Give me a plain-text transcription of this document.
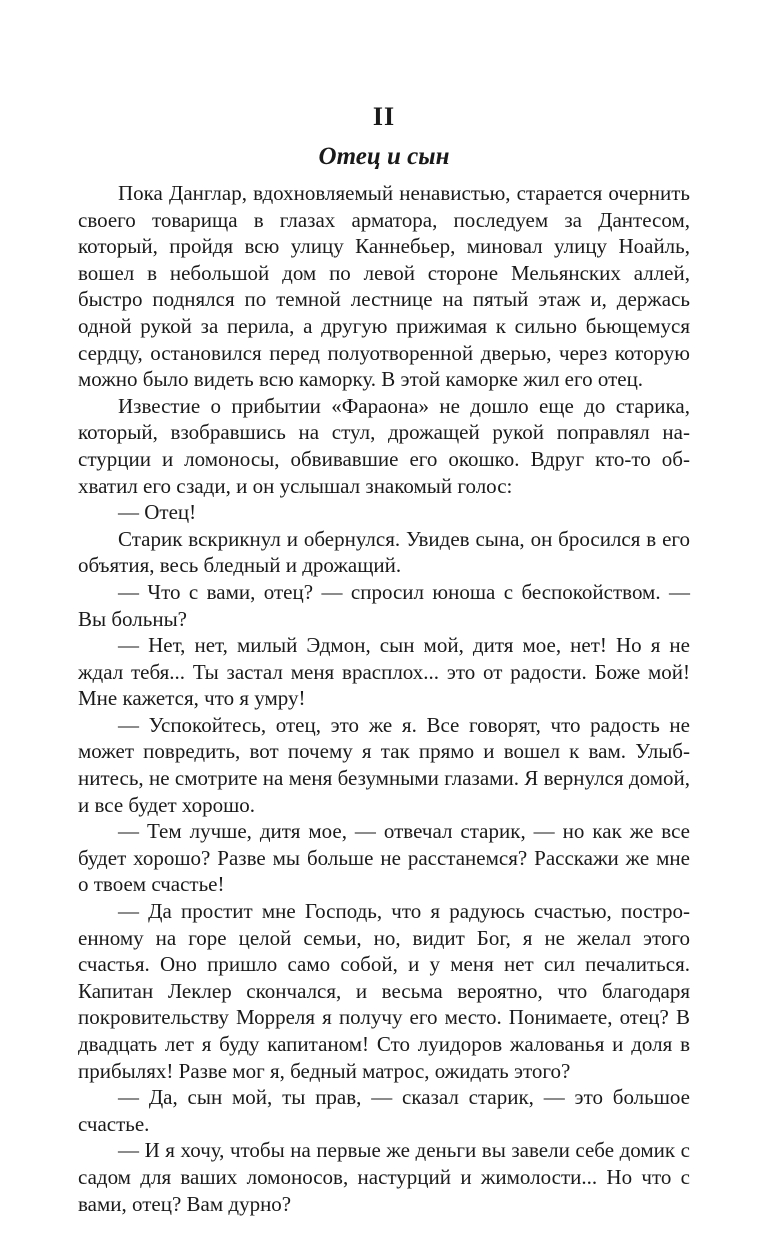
II
Отец и сын

Пока Данглар, вдохновляемый ненавистью, старается очернить своего товарища в глазах арматора, последуем за Дантесом, который, пройдя всю улицу Каннебьер, миновал улицу Ноайль, вошел в небольшой дом по левой стороне Мельянских аллей, быстро поднялся по темной лестнице на пятый этаж и, держась одной рукой за перила, а другую прижимая к сильно бьющемуся сердцу, остановился перед полуотворенной дверью, через которую можно было видеть всю каморку. В этой каморке жил его отец.

Известие о прибытии «Фараона» не дошло еще до старика, который, взобравшись на стул, дрожащей рукой поправлял настурции и ломоносы, обвивавшие его окошко. Вдруг кто-то обхватил его сзади, и он услышал знакомый голос:

— Отец!

Старик вскрикнул и обернулся. Увидев сына, он бросился в его объятия, весь бледный и дрожащий.

— Что с вами, отец? — спросил юноша с беспокойством. — Вы больны?

— Нет, нет, милый Эдмон, сын мой, дитя мое, нет! Но я не ждал тебя... Ты застал меня врасплох... это от радости. Боже мой! Мне кажется, что я умру!

— Успокойтесь, отец, это же я. Все говорят, что радость не может повредить, вот почему я так прямо и вошел к вам. Улыбнитесь, не смотрите на меня безумными глазами. Я вернулся домой, и все будет хорошо.

— Тем лучше, дитя мое, — отвечал старик, — но как же все будет хорошо? Разве мы больше не расстанемся? Расскажи же мне о твоем счастье!

— Да простит мне Господь, что я радуюсь счастью, построенному на горе целой семьи, но, видит Бог, я не желал этого счастья. Оно пришло само собой, и у меня нет сил печалиться. Капитан Леклер скончался, и весьма вероятно, что благодаря покровительству Морреля я получу его место. Понимаете, отец? В двадцать лет я буду капитаном! Сто луидоров жалованья и доля в прибылях! Разве мог я, бедный матрос, ожидать этого?

— Да, сын мой, ты прав, — сказал старик, — это большое счастье.

— И я хочу, чтобы на первые же деньги вы завели себе домик с садом для ваших ломоносов, настурций и жимолости... Но что с вами, отец? Вам дурно?
